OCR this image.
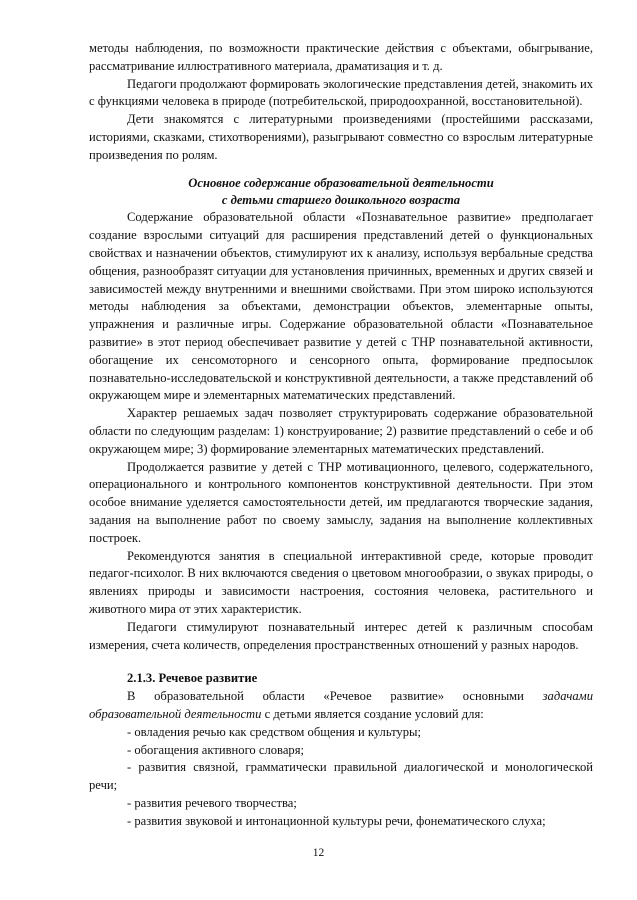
методы наблюдения, по возможности практические действия с объектами, обыгрывание, рассматривание иллюстративного материала, драматизация и т. д.

Педагоги продолжают формировать экологические представления детей, знакомить их с функциями человека в природе (потребительской, природоохранной, восстановительной).

Дети знакомятся с литературными произведениями (простейшими рассказами, историями, сказками, стихотворениями), разыгрывают совместно со взрослым литературные произведения по ролям.

Основное содержание образовательной деятельности
с детьми старшего дошкольного возраста

Содержание образовательной области «Познавательное развитие» предполагает создание взрослыми ситуаций для расширения представлений детей о функциональных свойствах и назначении объектов, стимулируют их к анализу, используя вербальные средства общения, разнообразят ситуации для установления причинных, временных и других связей и зависимостей между внутренними и внешними свойствами. При этом широко используются методы наблюдения за объектами, демонстрации объектов, элементарные опыты, упражнения и различные игры. Содержание образовательной области «Познавательное развитие» в этот период обеспечивает развитие у детей с ТНР познавательной активности, обогащение их сенсомоторного и сенсорного опыта, формирование предпосылок познавательно-исследовательской и конструктивной деятельности, а также представлений об окружающем мире и элементарных математических представлений.

Характер решаемых задач позволяет структурировать содержание образовательной области по следующим разделам: 1) конструирование; 2) развитие представлений о себе и об окружающем мире; 3) формирование элементарных математических представлений.

Продолжается развитие у детей с ТНР мотивационного, целевого, содержательного, операционального и контрольного компонентов конструктивной деятельности. При этом особое внимание уделяется самостоятельности детей, им предлагаются творческие задания, задания на выполнение работ по своему замыслу, задания на выполнение коллективных построек.

Рекомендуются занятия в специальной интерактивной среде, которые проводит педагог-психолог. В них включаются сведения о цветовом многообразии, о звуках природы, о явлениях природы и зависимости настроения, состояния человека, растительного и животного мира от этих характеристик.

Педагоги стимулируют познавательный интерес детей к различным способам измерения, счета количеств, определения пространственных отношений у разных народов.

2.1.3. Речевое развитие

В образовательной области «Речевое развитие» основными задачами образовательной деятельности с детьми является создание условий для:

- овладения речью как средством общения и культуры;

- обогащения активного словаря;

- развития связной, грамматически правильной диалогической и монологической речи;

- развития речевого творчества;

- развития звуковой и интонационной культуры речи, фонематического слуха;

12
